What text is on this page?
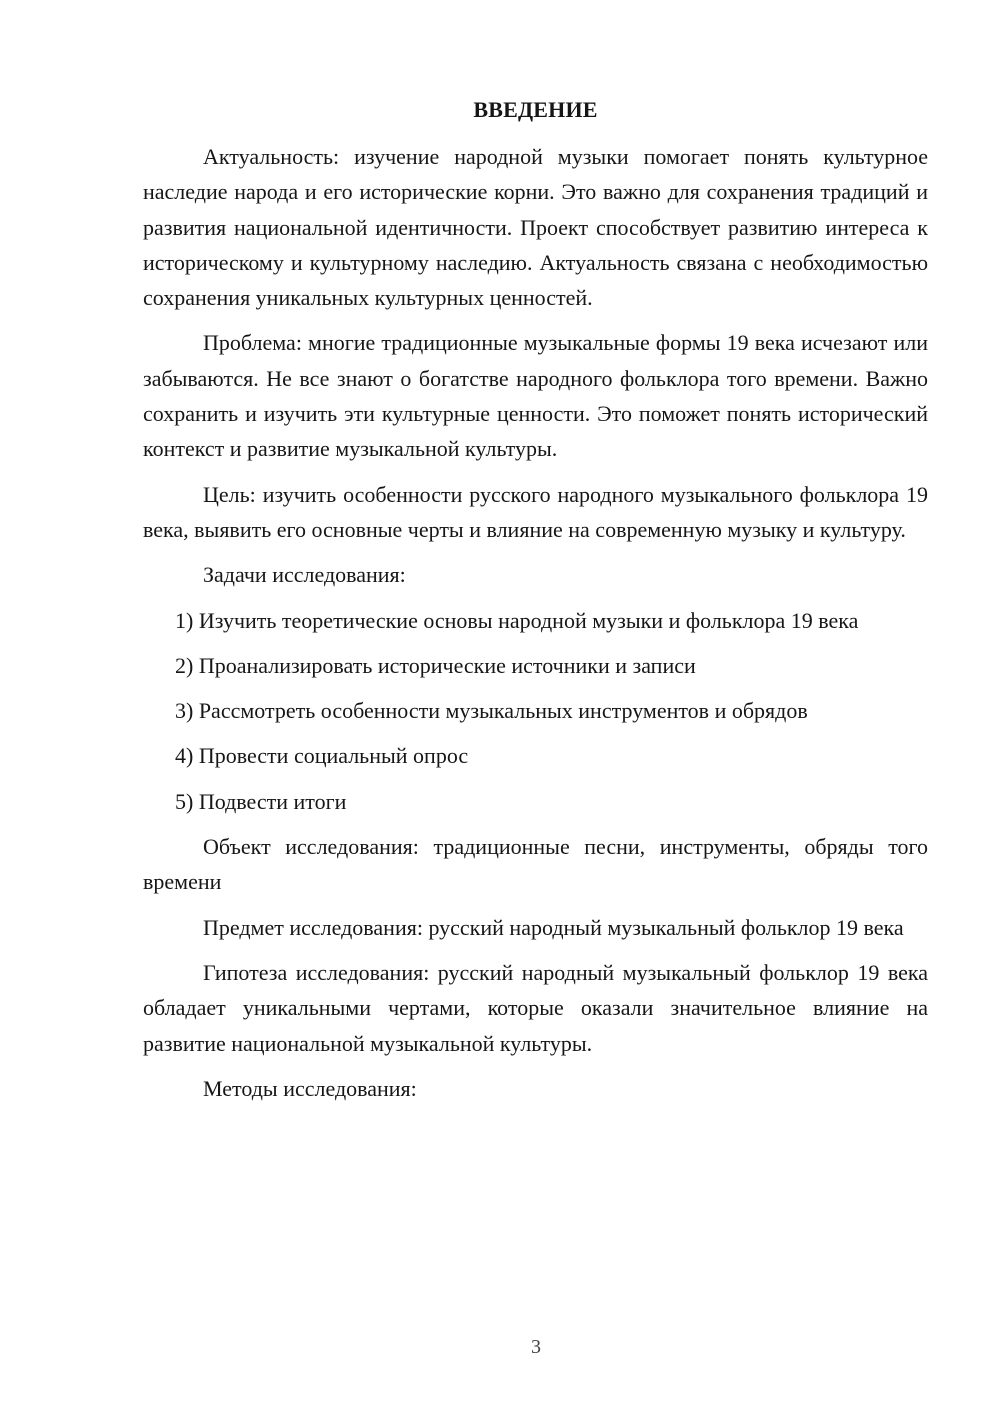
ВВЕДЕНИЕ

Актуальность: изучение народной музыки помогает понять культурное наследие народа и его исторические корни. Это важно для сохранения традиций и развития национальной идентичности. Проект способствует развитию интереса к историческому и культурному наследию. Актуальность связана с необходимостью сохранения уникальных культурных ценностей.

Проблема: многие традиционные музыкальные формы 19 века исчезают или забываются. Не все знают о богатстве народного фольклора того времени. Важно сохранить и изучить эти культурные ценности. Это поможет понять исторический контекст и развитие музыкальной культуры.

Цель: изучить особенности русского народного музыкального фольклора 19 века, выявить его основные черты и влияние на современную музыку и культуру.

Задачи исследования:

1) Изучить теоретические основы народной музыки и фольклора 19 века

2) Проанализировать исторические источники и записи

3) Рассмотреть особенности музыкальных инструментов и обрядов

4) Провести социальный опрос

5) Подвести итоги

Объект исследования: традиционные песни, инструменты, обряды того времени

Предмет исследования: русский народный музыкальный фольклор 19 века

Гипотеза исследования: русский народный музыкальный фольклор 19 века обладает уникальными чертами, которые оказали значительное влияние на развитие национальной музыкальной культуры.

Методы исследования:

3
